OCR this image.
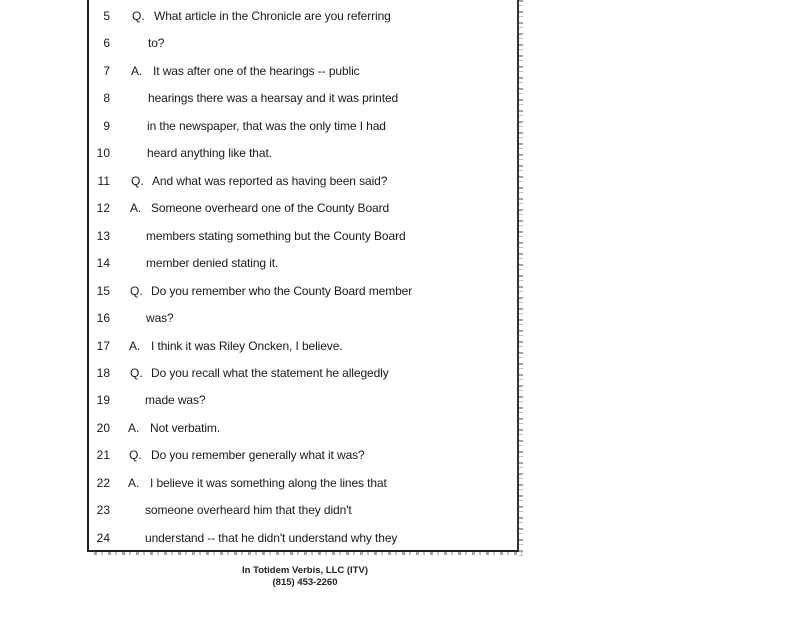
5 Q. What article in the Chronicle are you referring
6	to?
7 A. It was after one of the hearings -- public
8	hearings there was a hearsay and it was printed
9	in the newspaper, that was the only time I had
10	heard anything like that.
11 Q. And what was reported as having been said?
12 A. Someone overheard one of the County Board
13	members stating something but the County Board
14	member denied stating it.
15 Q. Do you remember who the County Board member
16	was?
17 A. I think it was Riley Oncken, I believe.
18 Q. Do you recall what the statement he allegedly
19	made was?
20 A. Not verbatim.
21 Q. Do you remember generally what it was?
22 A. I believe it was something along the lines that
23	someone overheard him that they didn't
24	understand -- that he didn't understand why they
In Totidem Verbis, LLC (ITV)
(815) 453-2260
